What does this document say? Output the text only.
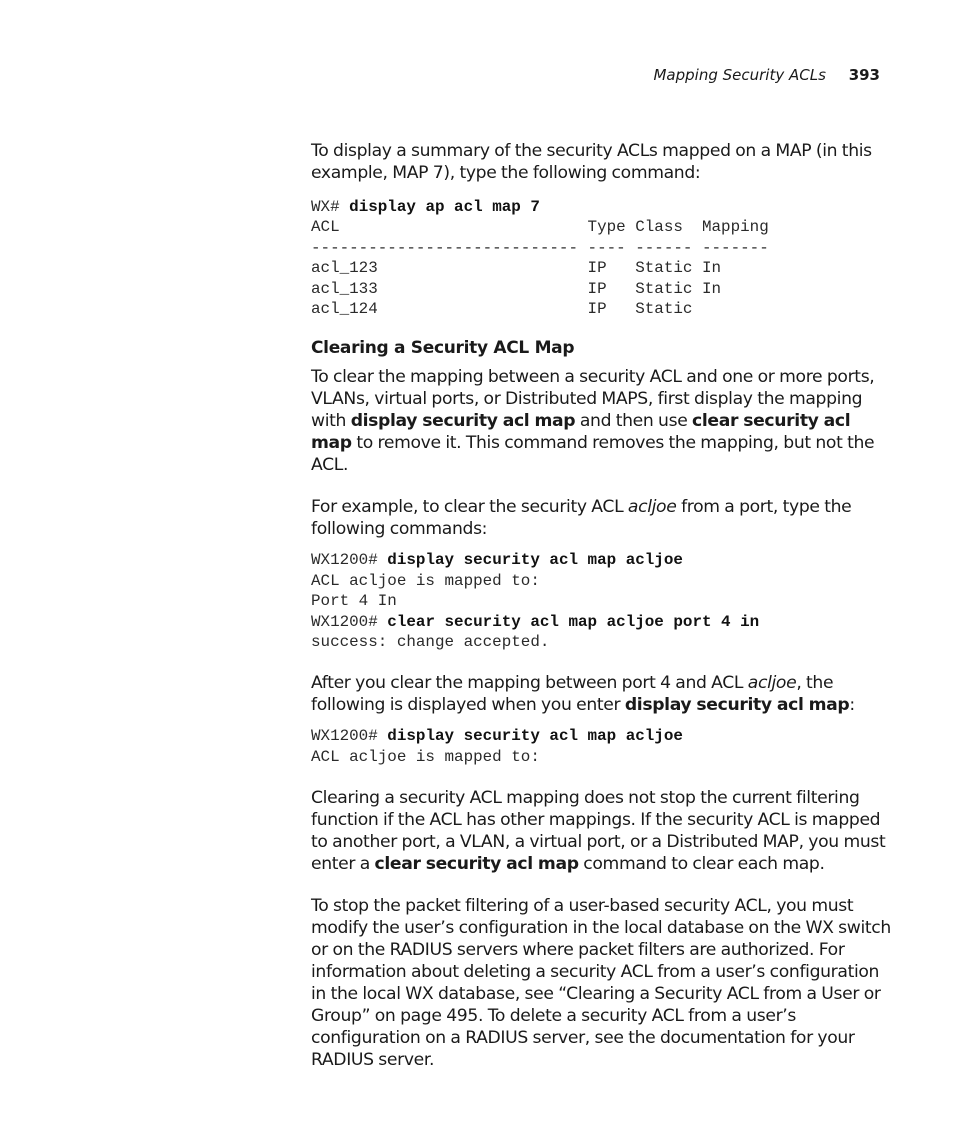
Mapping Security ACLs 393

To display a summary of the security ACLs mapped on a MAP (in this example, MAP 7), type the following command:

WX# display ap acl map 7
ACL                          Type Class  Mapping
---------------------------- ---- ------ -------
acl_123                      IP   Static In
acl_133                      IP   Static In
acl_124                      IP   Static
Clearing a Security ACL Map

To clear the mapping between a security ACL and one or more ports, VLANs, virtual ports, or Distributed MAPS, first display the mapping with display security acl map and then use clear security acl map to remove it. This command removes the mapping, but not the ACL.

For example, to clear the security ACL acljoe from a port, type the following commands:

WX1200# display security acl map acljoe
ACL acljoe is mapped to:
Port 4 In
WX1200# clear security acl map acljoe port 4 in
success: change accepted.

After you clear the mapping between port 4 and ACL acljoe, the following is displayed when you enter display security acl map:

WX1200# display security acl map acljoe
ACL acljoe is mapped to:

Clearing a security ACL mapping does not stop the current filtering function if the ACL has other mappings. If the security ACL is mapped to another port, a VLAN, a virtual port, or a Distributed MAP, you must enter a clear security acl map command to clear each map.

To stop the packet filtering of a user-based security ACL, you must modify the user’s configuration in the local database on the WX switch or on the RADIUS servers where packet filters are authorized. For information about deleting a security ACL from a user’s configuration in the local WX database, see “Clearing a Security ACL from a User or Group” on page 495. To delete a security ACL from a user’s configuration on a RADIUS server, see the documentation for your RADIUS server.
